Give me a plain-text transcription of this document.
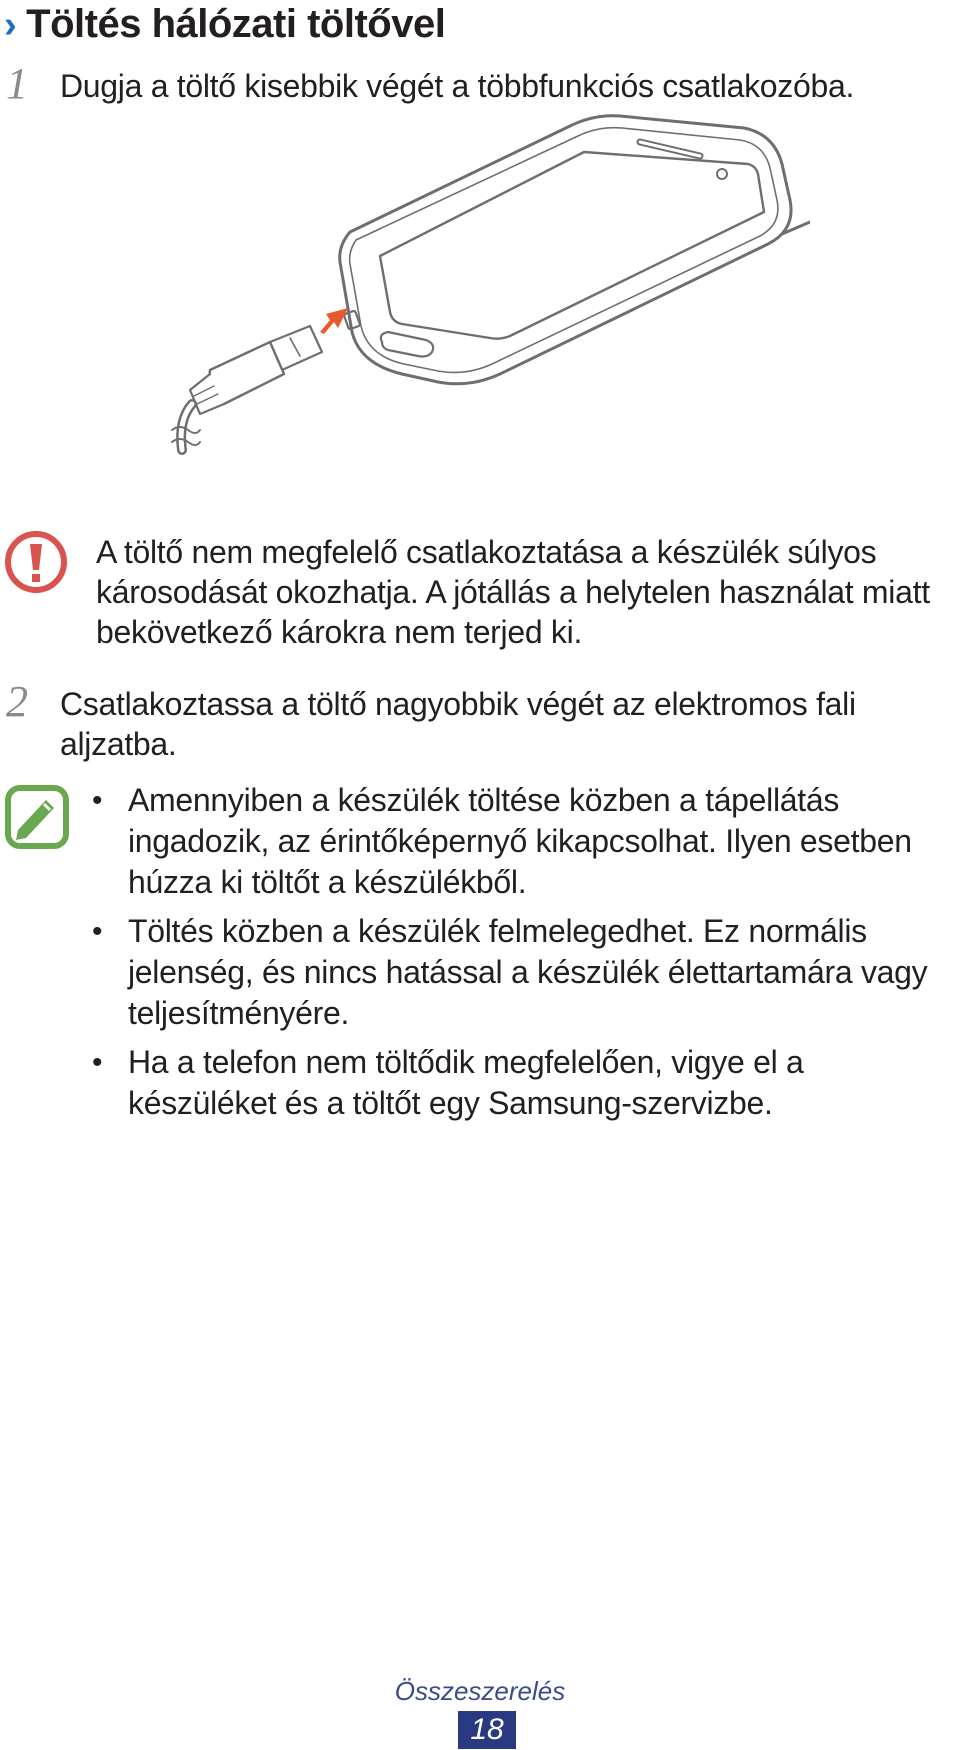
› Töltés hálózati töltővel
1 Dugja a töltő kisebbik végét a többfunkciós csatlakozóba.
A töltő nem megfelelő csatlakoztatása a készülék súlyos
károsodását okozhatja. A jótállás a helytelen használat miatt
bekövetkező károkra nem terjed ki.
2 Csatlakoztassa a töltő nagyobbik végét az elektromos fali
aljzatba.
• Amennyiben a készülék töltése közben a tápellátás ingadozik, az érintőképernyő kikapcsolhat. Ilyen esetben húzza ki töltőt a készülékből.
• Töltés közben a készülék felmelegedhet. Ez normális jelenség, és nincs hatással a készülék élettartamára vagy teljesítményére.
• Ha a telefon nem töltődik megfelelően, vigye el a készüléket és a töltőt egy Samsung-szervizbe.
Összeszerelés
18
